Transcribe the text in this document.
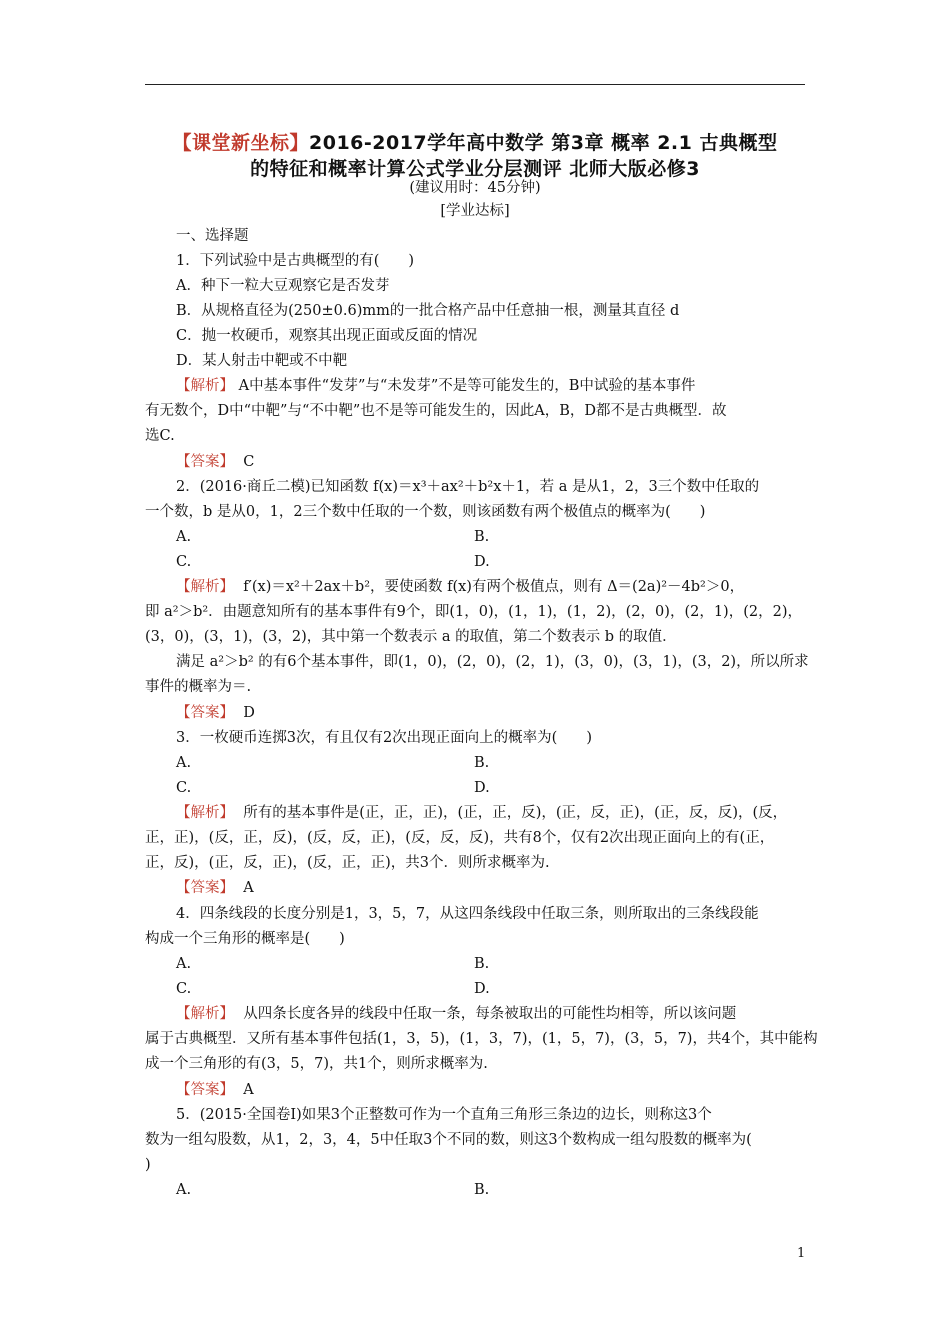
【课堂新坐标】2016-2017学年高中数学 第3章 概率 2.1 古典概型
的特征和概率计算公式学业分层测评 北师大版必修3
(建议用时：45分钟)
[学业达标]
一、选择题
1．下列试验中是古典概型的有(　　)
A．种下一粒大豆观察它是否发芽
B．从规格直径为(250±0.6)mm的一批合格产品中任意抽一根，测量其直径 d
C．抛一枚硬币，观察其出现正面或反面的情况
D．某人射击中靶或不中靶
【解析】 A中基本事件“发芽”与“未发芽”不是等可能发生的，B中试验的基本事件
有无数个，D中“中靶”与“不中靶”也不是等可能发生的，因此A，B，D都不是古典概型．故
选C.
【答案】 C
2．(2016·商丘二模)已知函数 f(x)＝x³＋ax²＋b²x＋1，若 a 是从1，2，3三个数中任取的
一个数，b 是从0，1，2三个数中任取的一个数，则该函数有两个极值点的概率为(　　)
A.	B.
C.	D.
【解析】 f′(x)＝x²＋2ax＋b²，要使函数 f(x)有两个极值点，则有 Δ＝(2a)²－4b²＞0，
即 a²＞b²．由题意知所有的基本事件有9个，即(1，0)，(1，1)，(1，2)，(2，0)，(2，1)，(2，2)，
(3，0)，(3，1)，(3，2)，其中第一个数表示 a 的取值，第二个数表示 b 的取值．
满足 a²＞b² 的有6个基本事件，即(1，0)，(2，0)，(2，1)，(3，0)，(3，1)，(3，2)，所以所求
事件的概率为＝.
【答案】 D
3．一枚硬币连掷3次，有且仅有2次出现正面向上的概率为(　　)
A.	B.
C.	D.
【解析】 所有的基本事件是(正，正，正)，(正，正，反)，(正，反，正)，(正，反，反)，(反，
正，正)，(反，正，反)，(反，反，正)，(反，反，反)，共有8个，仅有2次出现正面向上的有(正，
正，反)，(正，反，正)，(反，正，正)，共3个．则所求概率为.
【答案】 A
4．四条线段的长度分别是1，3，5，7，从这四条线段中任取三条，则所取出的三条线段能
构成一个三角形的概率是(　　)
A.	B.
C.	D.
【解析】 从四条长度各异的线段中任取一条，每条被取出的可能性均相等，所以该问题
属于古典概型．又所有基本事件包括(1，3，5)，(1，3，7)，(1，5，7)，(3，5，7)，共4个，其中能构
成一个三角形的有(3，5，7)，共1个，则所求概率为.
【答案】 A
5．(2015·全国卷Ⅰ)如果3个正整数可作为一个直角三角形三条边的边长，则称这3个
数为一组勾股数，从1，2，3，4，5中任取3个不同的数，则这3个数构成一组勾股数的概率为(
)
A.	B.
1
